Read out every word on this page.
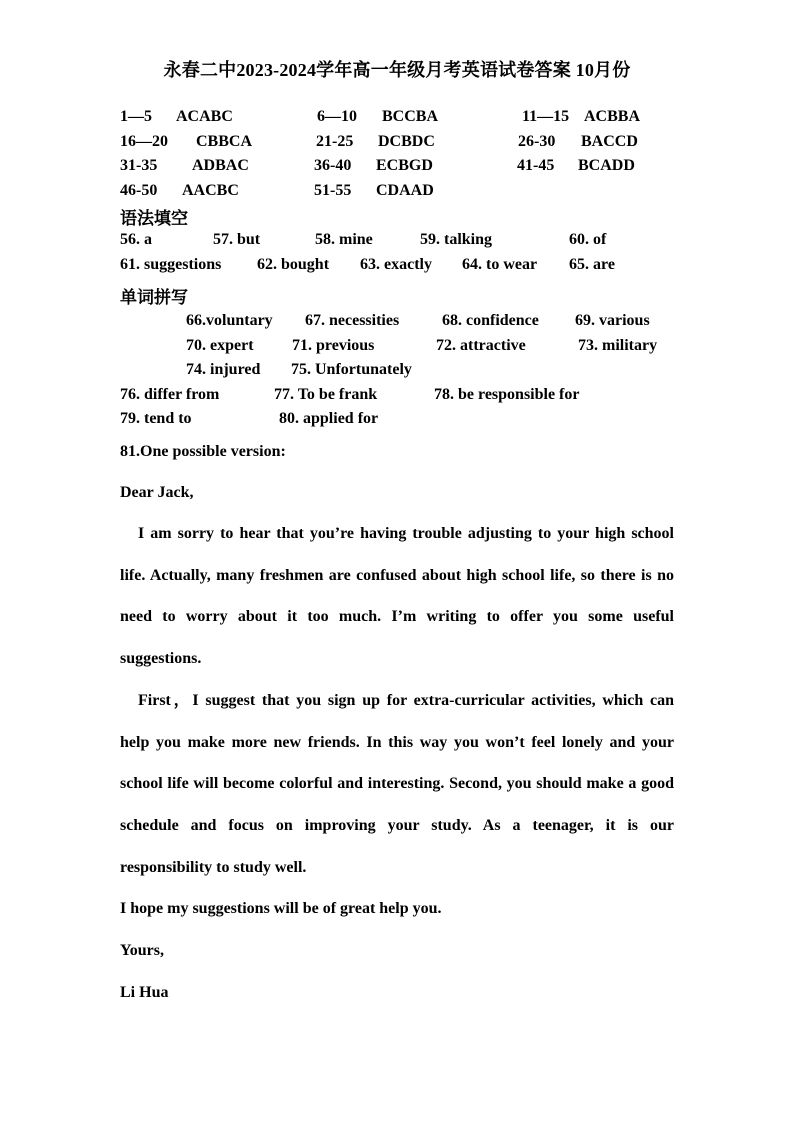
永春二中2023-2024学年高一年级月考英语试卷答案 10月份
1—5 ACABC	6—10 BCCBA	11—15 ACBBA
16—20 CBBCA	21-25 DCBDC	26-30 BACCD
31-35 ADBAC	36-40 ECBGD	41-45 BCADD
46-50 AACBC	51-55 CDAAD
语法填空
56. a	57. but	58. mine	59. talking	60. of
61. suggestions 62. bought 63. exactly 64. to wear 65. are
单词拼写
66.voluntary 67. necessities	68. confidence 69. various
70. expert 71. previous	72. attractive	73. military
74. injured 75. Unfortunately
76. differ from	77. To be frank	78. be responsible for
79. tend to	80. applied for
81.One possible version:
Dear Jack,
I am sorry to hear that you’re having trouble adjusting to your high school life. Actually, many freshmen are confused about high school life, so there is no need to worry about it too much. I’m writing to offer you some useful suggestions.
First，I suggest that you sign up for extra-curricular activities, which can help you make more new friends. In this way you won’t feel lonely and your school life will become colorful and interesting. Second, you should make a good schedule and focus on improving your study. As a teenager, it is our responsibility to study well.
I hope my suggestions will be of great help you.
Yours,
Li Hua
